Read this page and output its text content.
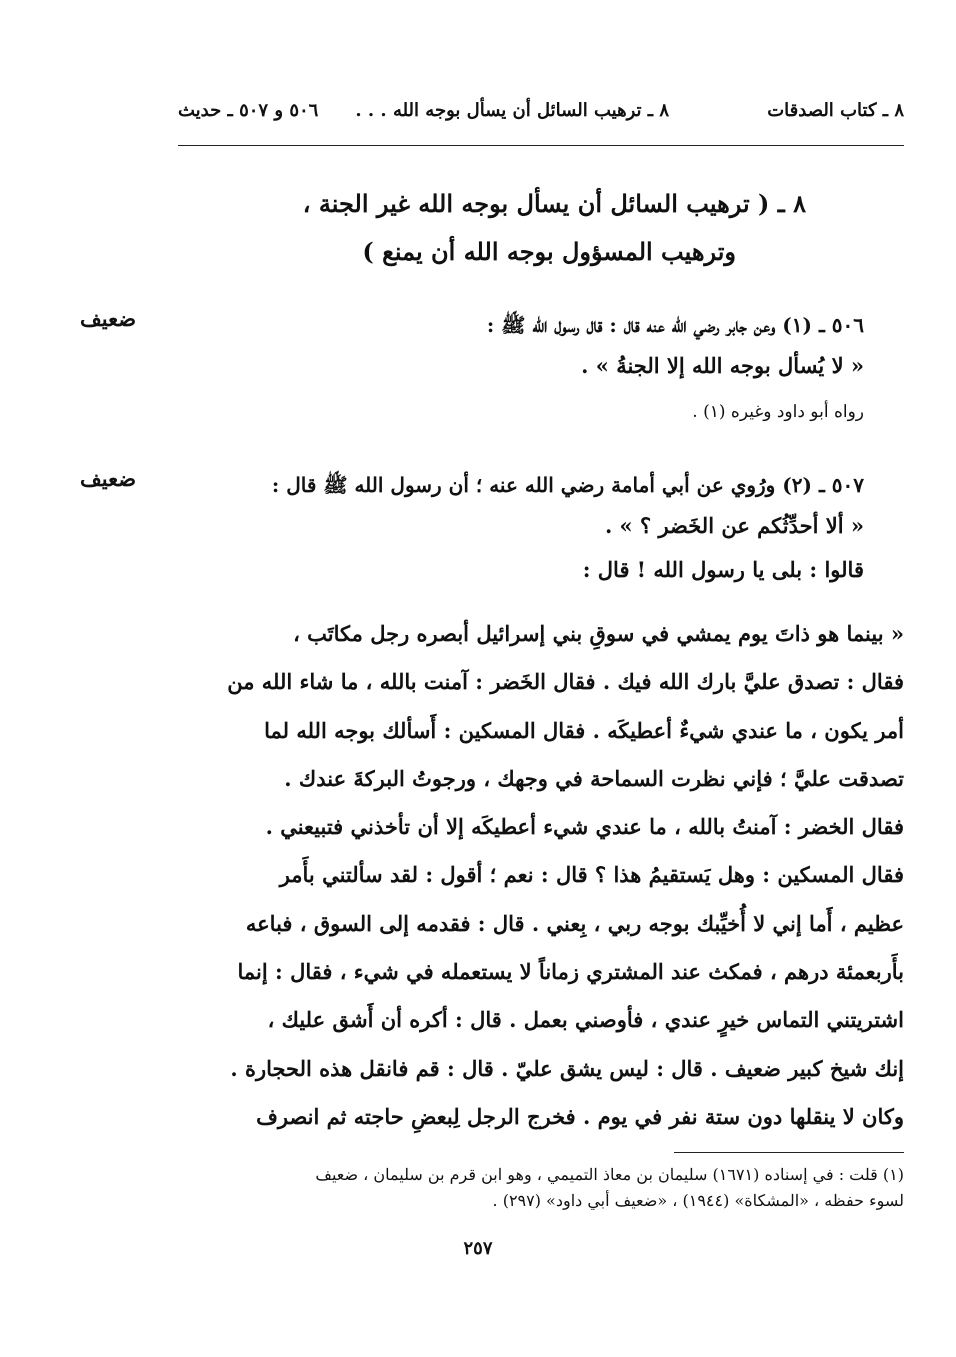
٨ ـ كتاب الصدقات
٨ ـ ترهيب السائل أن يسأل بوجه الله . . .
٥٠٦ و ٥٠٧ ـ حديث
٨ ـ ( ترهيب السائل أن يسأل بوجه الله غير الجنة ،
وترهيب المسؤول بوجه الله أن يمنع )
ضعيف	٥٠٦ ـ (١) وعن جابر رضي الله عنه قال : قال رسول الله ﷺ :
« لا يُسأل بوجه الله إلا الجنةُ » .
رواه أبو داود وغيره (١) .
ضعيف	٥٠٧ ـ (٢) ورُوي عن أبي أمامة رضي الله عنه ؛ أن رسول الله ﷺ قال :
« ألا أحدِّثُكم عن الخَضر ؟ » .
قالوا : بلى يا رسول الله ! قال :
« بينما هو ذاتَ يوم يمشي في سوقِ بني إسرائيل أبصره رجل مكاتَب ،
فقال : تصدق عليَّ بارك الله فيك . فقال الخَضر : آمنت بالله ، ما شاء الله من
أمر يكون ، ما عندي شيءٌ أعطيكَه . فقال المسكين : أَسألك بوجه الله لما
تصدقت عليَّ ؛ فإني نظرت السماحة في وجهك ، ورجوتُ البركةَ عندك .
فقال الخضر : آمنتُ بالله ، ما عندي شيء أعطيكَه إلا أن تأخذني فتبيعني .
فقال المسكين : وهل يَستقيمُ هذا ؟ قال : نعم ؛ أقول : لقد سألتني بأَمر
عظيم ، أَما إني لا أُخيِّبك بوجه ربي ، بِعني . قال : فقدمه إلى السوق ، فباعه
بأَربعمئة درهم ، فمكث عند المشتري زماناً لا يستعمله في شيء ، فقال : إنما
اشتريتني التماس خيرٍ عندي ، فأوصني بعمل . قال : أكره أن أَشق عليك ،
إنك شيخ كبير ضعيف . قال : ليس يشق عليّ . قال : قم فانقل هذه الحجارة .
وكان لا ينقلها دون ستة نفر في يوم . فخرج الرجل لِبعضِ حاجته ثم انصرف
(١) قلت : في إسناده (١٦٧١) سليمان بن معاذ التميمي ، وهو ابن قرم بن سليمان ، ضعيف
لسوء حفظه ، «المشكاة» (١٩٤٤) ، «ضعيف أبي داود» (٢٩٧) .
٢٥٧
